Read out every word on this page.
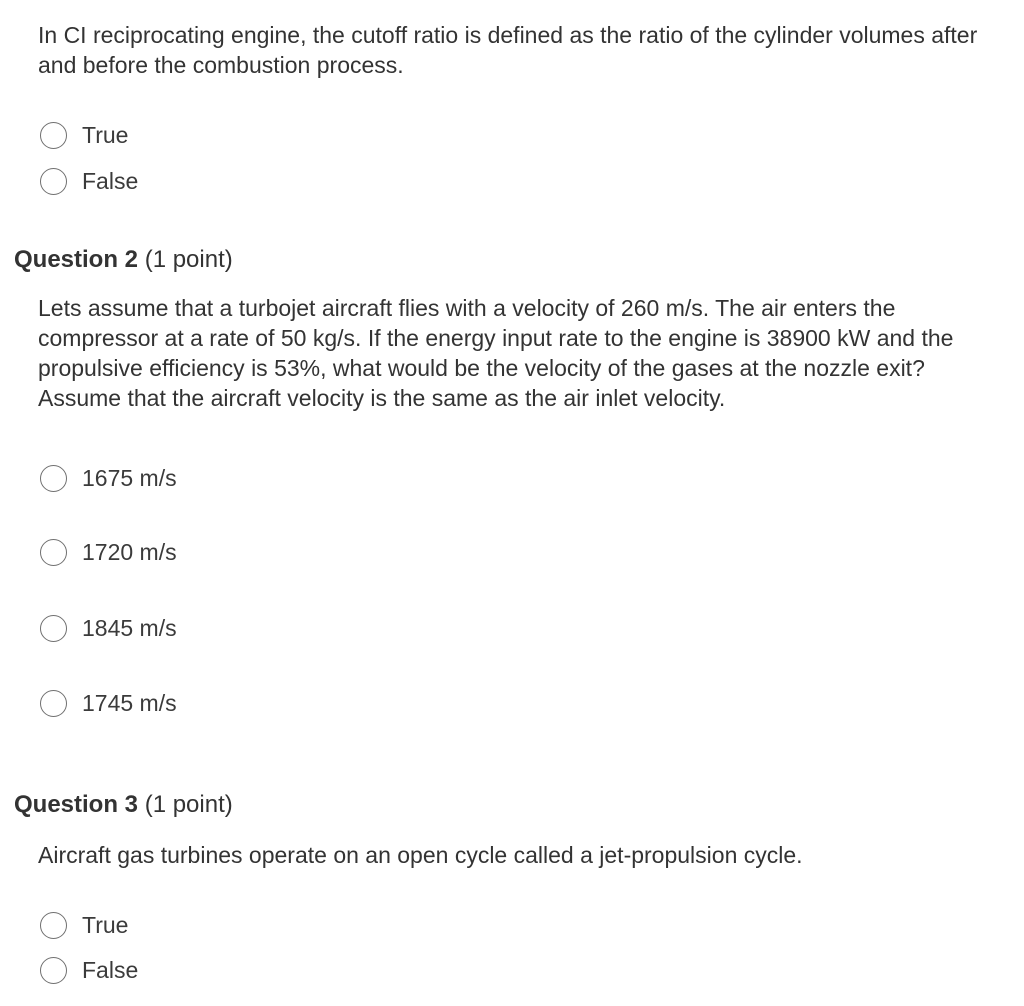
In CI reciprocating engine, the cutoff ratio is defined as the ratio of the cylinder volumes after and before the combustion process.

True
False
Question 2 (1 point)

Lets assume that a turbojet aircraft flies with a velocity of 260 m/s. The air enters the compressor at a rate of 50 kg/s. If the energy input rate to the engine is 38900 kW and the propulsive efficiency is 53%, what would be the velocity of the gases at the nozzle exit? Assume that the aircraft velocity is the same as the air inlet velocity.

1675 m/s
1720 m/s
1845 m/s
1745 m/s
Question 3 (1 point)

Aircraft gas turbines operate on an open cycle called a jet-propulsion cycle.

True
False
